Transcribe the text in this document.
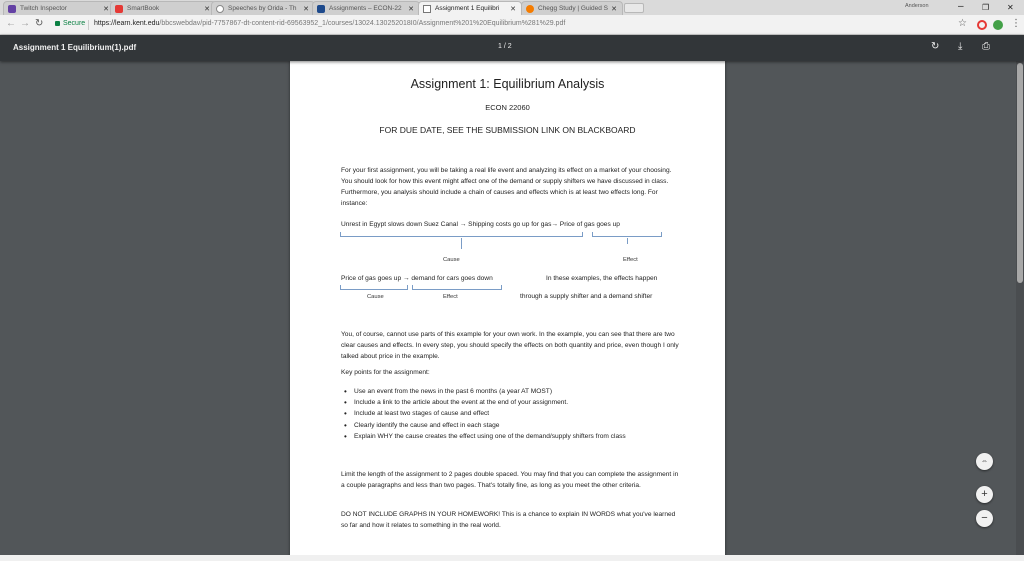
Twitch Inspector	✕	SmartBook	✕	Speeches by Orida - Th ✕	Assignments – ECON-22 ✕	Assignment 1 Equilibri	✕	Chegg Study | Guided S ✕	Anderson	– ❐ ✕
← → ↻	Secure https://learn.kent.edu/bbcswebdav/pid-7757867-dt-content-rid-69563952_1/courses/13024.130252018I0/Assignment%201%20Equilibrium%281%29.pdf	☆	⋮
Assignment 1 Equilibrium(1).pdf	1 / 2	↻ ⤓ ⎙
Assignment 1: Equilibrium Analysis
ECON 22060
FOR DUE DATE, SEE THE SUBMISSION LINK ON BLACKBOARD
For your first assignment, you will be taking a real life event and analyzing its effect on a market of your choosing. You should look for how this event might affect one of the demand or supply shifters we have discussed in class. Furthermore, you analysis should include a chain of causes and effects which is at least two effects long. For instance:
Unrest in Egypt slows down Suez Canal → Shipping costs go up for gas→ Price of gas goes up
Cause	Effect
Price of gas goes up → demand for cars goes down
Cause	Effect
In these examples, the effects happen
through a supply shifter and a demand shifter
You, of course, cannot use parts of this example for your own work. In the example, you can see that there are two clear causes and effects. In every step, you should specify the effects on both quantity and price, even though I only talked about price in the example.
Key points for the assignment:
• Use an event from the news in the past 6 months (a year AT MOST)
• Include a link to the article about the event at the end of your assignment.
• Include at least two stages of cause and effect
• Clearly identify the cause and effect in each stage
• Explain WHY the cause creates the effect using one of the demand/supply shifters from class
Limit the length of the assignment to 2 pages double spaced. You may find that you can complete the assignment in a couple paragraphs and less than two pages. That's totally fine, as long as you meet the other criteria.
DO NOT INCLUDE GRAPHS IN YOUR HOMEWORK! This is a chance to explain IN WORDS what you've learned so far and how it relates to something in the real world.
⇔
+
−
